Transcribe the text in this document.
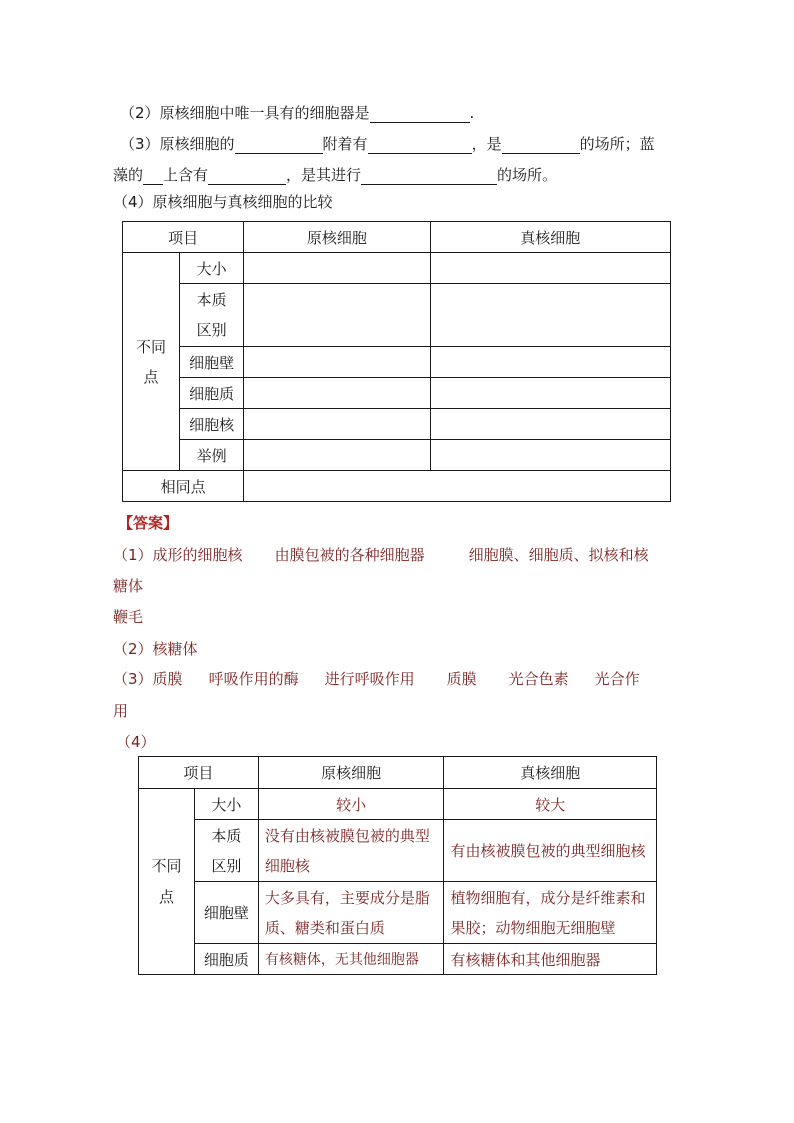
（2）原核细胞中唯一具有的细胞器是	.
（3）原核细胞的	附着有	，是	的场所；蓝
藻的 上含有	，是其进行	的场所。
（4）原核细胞与真核细胞的比较
项目		原核细胞	真核细胞

不同点	大小		

	本质区别		

	细胞壁		
	细胞质		
	细胞核		
	举例		
相同点			
【答案】
（1）成形的细胞核 由膜包被的各种细胞器	细胞膜、细胞质、拟核和核
糖体
鞭毛
（2）核糖体
（3）质膜 呼吸作用的酶 进行呼吸作用 质膜 光合色素 光合作
用
（4）
项目		原核细胞	真核细胞

不同点	大小	较小	较大

	本质区别	没有由核被膜包被的典型细胞核	有由核被膜包被的典型细胞核
	细胞壁	大多具有，主要成分是脂质、糖类和蛋白质	植物细胞有，成分是纤维素和果胶；动物细胞无细胞壁
	细胞质	有核糖体，无其他细胞器	有核糖体和其他细胞器
